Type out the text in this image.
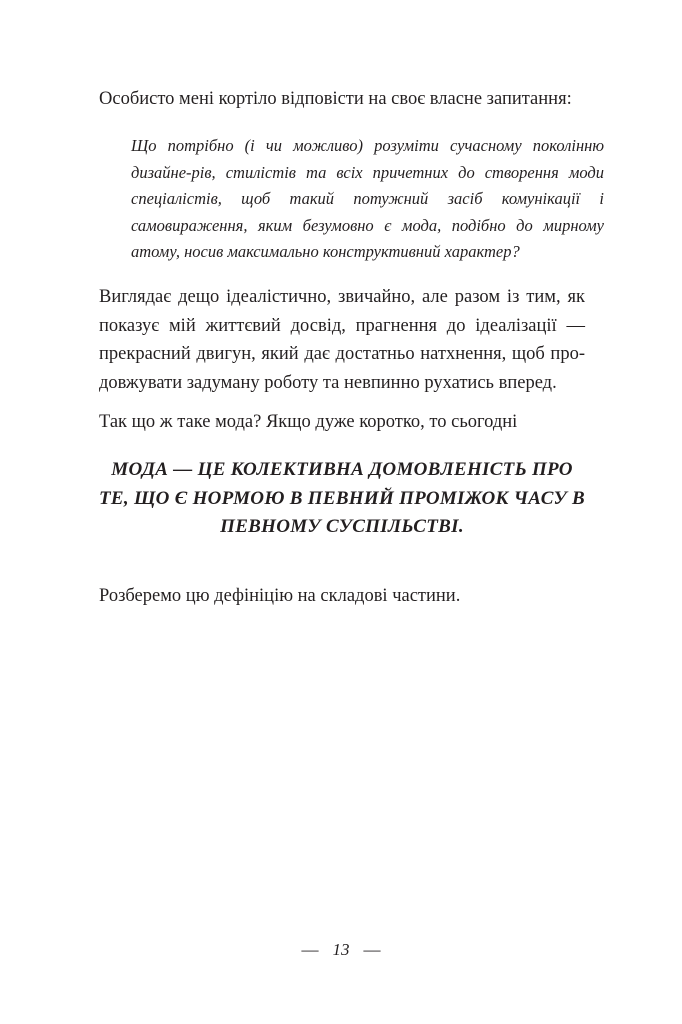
Особисто мені кортіло відповісти на своє власне запитання:

Що потрібно (і чи можливо) розуміти сучасному поколінню дизайне-рів, стилістів та всіх причетних до створення моди спеціалістів, щоб такий потужний засіб комунікації і самовираження, яким безумовно є мода, подібно до мирному атому, носив максимально конструктивний характер?

Виглядає дещо ідеалістично, звичайно, але разом із тим, як показує мій життєвий досвід, прагнення до ідеалізації — прекрасний двигун, який дає достатньо натхнення, щоб про-довжувати задуману роботу та невпинно рухатись вперед.

Так що ж таке мода? Якщо дуже коротко, то сьогодні

МОДА — ЦЕ КОЛЕКТИВНА ДОМОВЛЕНІСТЬ ПРО ТЕ, ЩО Є НОРМОЮ В ПЕВНИЙ ПРОМІЖОК ЧАСУ В ПЕВНОМУ СУСПІЛЬСТВІ.

Розберемо цю дефініцію на складові частини.

— 13 —
